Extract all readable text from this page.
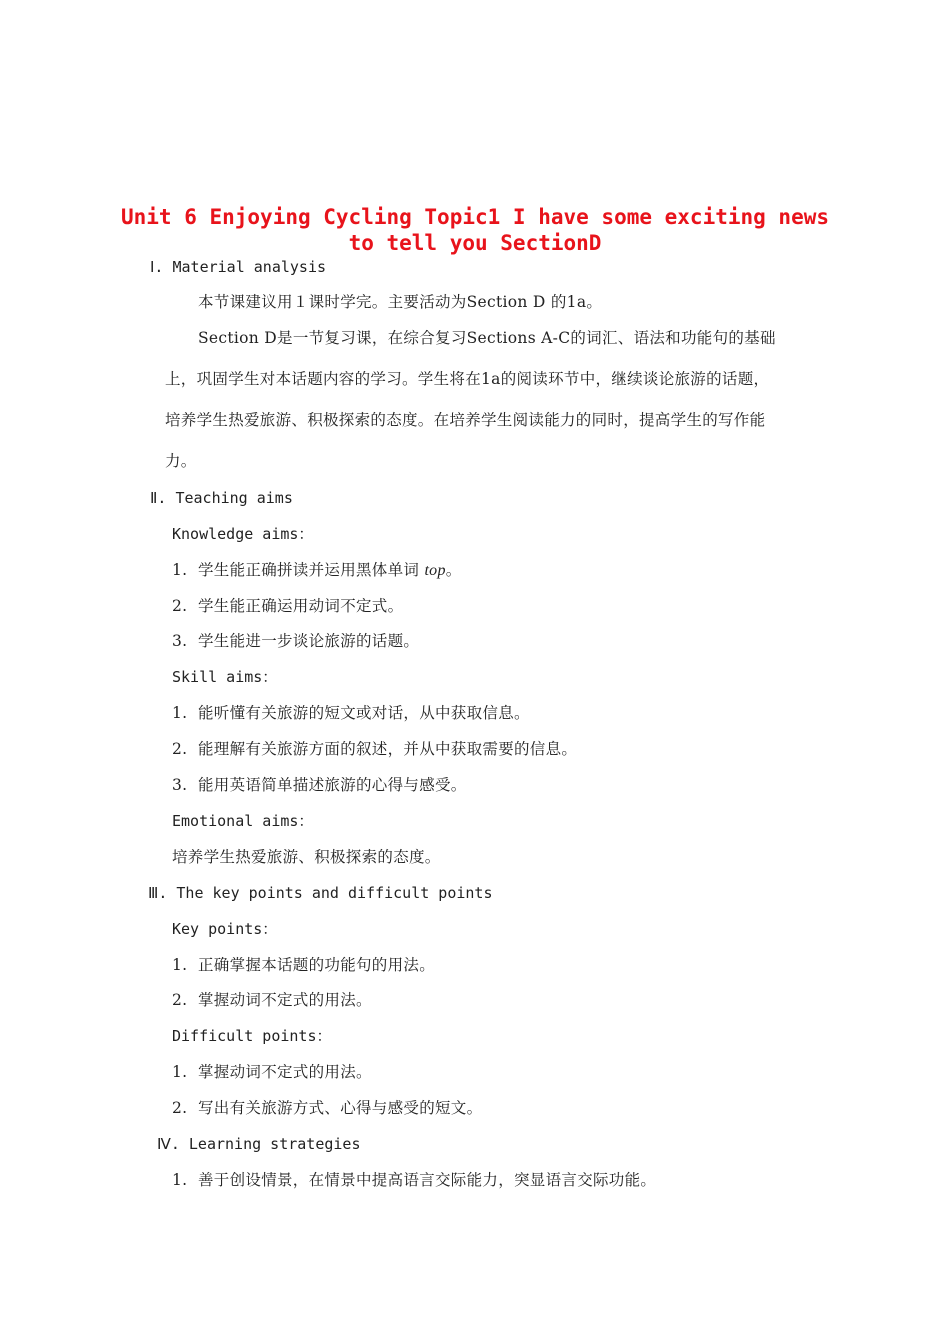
Unit 6 Enjoying Cycling Topic1 I have some exciting news
to tell you SectionD
Ⅰ. Material analysis
本节课建议用１课时学完。主要活动为Section D 的1a。
Section D是一节复习课，在综合复习Sections A-C的词汇、语法和功能句的基础
上，巩固学生对本话题内容的学习。学生将在1a的阅读环节中，继续谈论旅游的话题，
培养学生热爱旅游、积极探索的态度。在培养学生阅读能力的同时，提高学生的写作能
力。
Ⅱ. Teaching aims
Knowledge aims：
1. 学生能正确拼读并运用黑体单词 top。
2. 学生能正确运用动词不定式。
3. 学生能进一步谈论旅游的话题。
Skill aims：
1. 能听懂有关旅游的短文或对话，从中获取信息。
2. 能理解有关旅游方面的叙述，并从中获取需要的信息。
3. 能用英语简单描述旅游的心得与感受。
Emotional aims：
培养学生热爱旅游、积极探索的态度。
Ⅲ. The key points and difficult points
Key points：
1. 正确掌握本话题的功能句的用法。
2. 掌握动词不定式的用法。
Difficult points：
1. 掌握动词不定式的用法。
2. 写出有关旅游方式、心得与感受的短文。
Ⅳ. Learning strategies
1. 善于创设情景，在情景中提高语言交际能力，突显语言交际功能。
